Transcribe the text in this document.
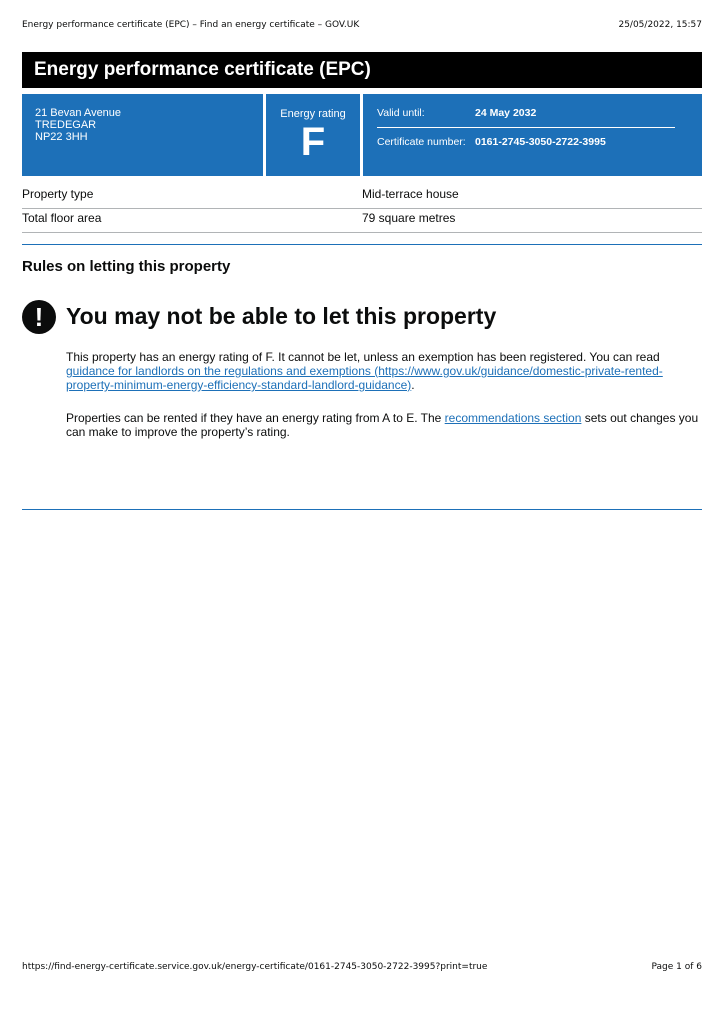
Energy performance certificate (EPC) – Find an energy certificate – GOV.UK	25/05/2022, 15:57
Energy performance certificate (EPC)
21 Bevan Avenue
TREDEGAR
NP22 3HH
Energy rating
F
Valid until:	24 May 2032
Certificate number: 0161-2745-3050-2722-3995
Property type	Mid-terrace house
Total floor area	79 square metres
Rules on letting this property
! You may not be able to let this property
This property has an energy rating of F. It cannot be let, unless an exemption has been registered. You can read guidance for landlords on the regulations and exemptions (https://www.gov.uk/guidance/domestic-private-rented-property-minimum-energy-efficiency-standard-landlord-guidance).
Properties can be rented if they have an energy rating from A to E. The recommendations section sets out changes you can make to improve the property’s rating.
https://find-energy-certificate.service.gov.uk/energy-certificate/0161-2745-3050-2722-3995?print=true	Page 1 of 6
